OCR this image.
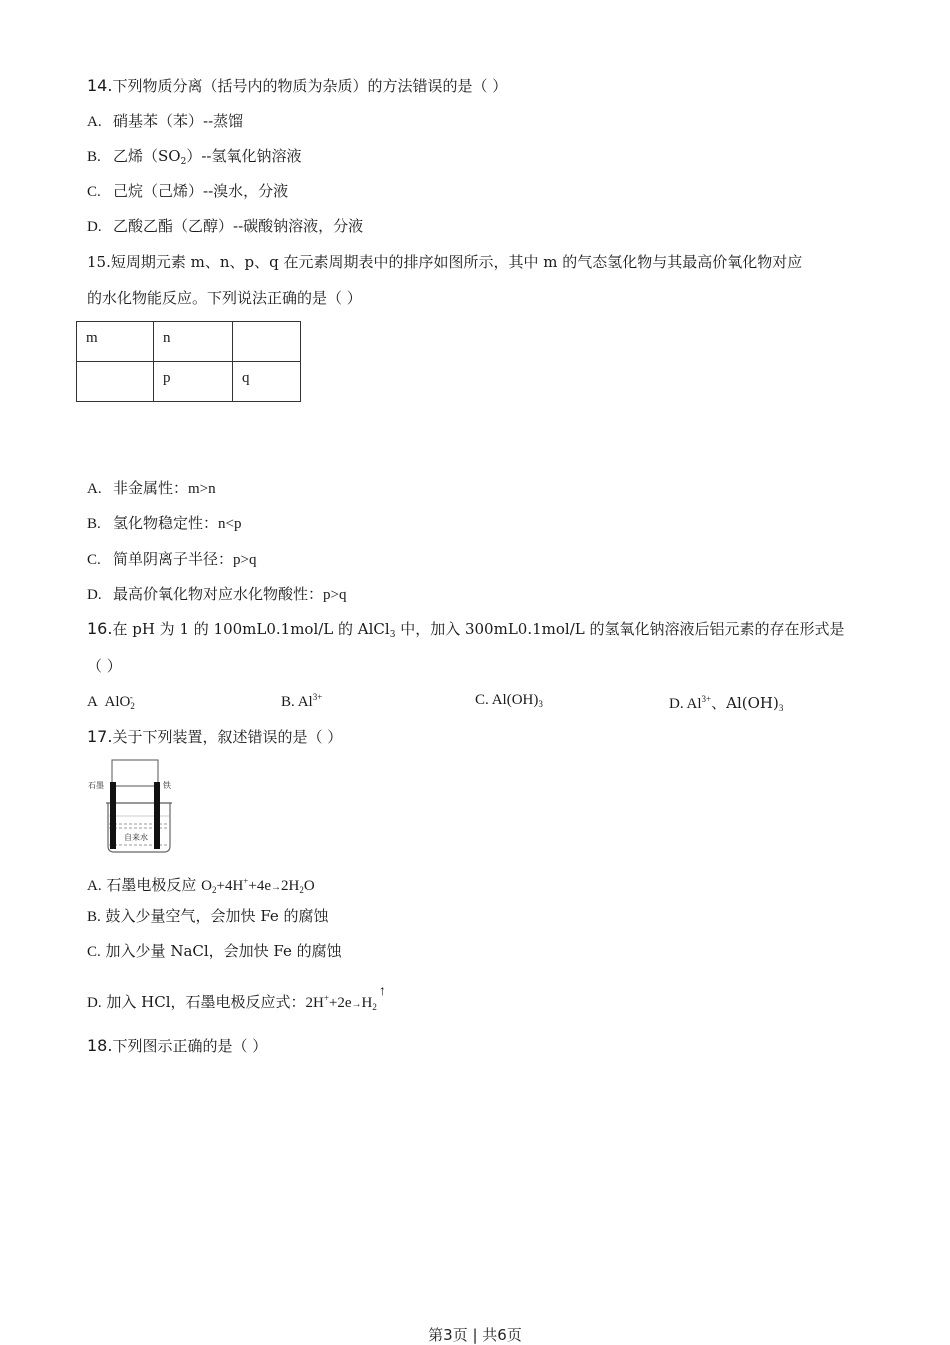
14.下列物质分离（括号内的物质为杂质）的方法错误的是（ ）
A. 硝基苯（苯）--蒸馏
B. 乙烯$(SO_2)--$氢氧化钠溶液
C. 己烷（己烯）--溴水，分液
D. 乙酸乙酯（乙醇）--碳酸钠溶液，分液
15.短周期元素 m、n、p、q 在元素周期表中的排序如图所示，其中 m 的气态氢化物与其最高价氧化物对应
的水化物能反应。下列说法正确的是（ ）
m	n	
	p	q
A. 非金属性：m>n
B. 氢化物稳定性：n<p
C. 简单阴离子半径：p>q
D. 最高价氧化物对应水化物酸性：p>q
16.在 pH 为 1 的 100mL0.1mol/L 的 AlCl$_3$ 中，加入 300mL0.1mol/L 的氢氧化钠溶液后铝元素的存在形式是
（ ）
A AlO$_2$-	B. $Al^{3+}$	C. $Al(OH)_3$	D. $Al^{3+}$、$Al(OH)_3$
17.关于下列装置，叙述错误的是（ ）
石墨	铁
自来水
A. 石墨电极反应 $O_2+4H^++4e\to 2H_2O$
B. 鼓入少量空气，会加快 Fe 的腐蚀
C. 加入少量 NaCl，会加快 Fe 的腐蚀
D. 加入 HCl，石墨电极反应式：$2H^++2e\to H_2↑$
18.下列图示正确的是（ ）
第3页 | 共6页
